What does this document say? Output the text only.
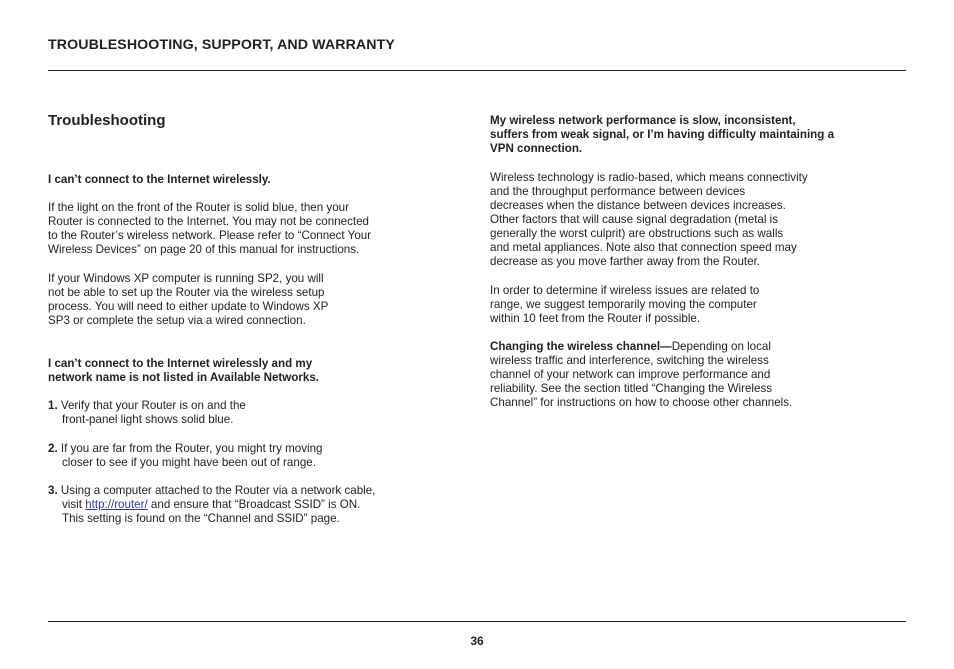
TROUBLESHOOTING, SUPPORT, AND WARRANTY
Troubleshooting
I can’t connect to the Internet wirelessly.
If the light on the front of the Router is solid blue, then your
Router is connected to the Internet. You may not be connected
to the Router’s wireless network. Please refer to “Connect Your
Wireless Devices” on page 20 of this manual for instructions.
If your Windows XP computer is running SP2, you will
not be able to set up the Router via the wireless setup
process. You will need to either update to Windows XP
SP3 or complete the setup via a wired connection.
I can’t connect to the Internet wirelessly and my
network name is not listed in Available Networks.
1. Verify that your Router is on and the
front-panel light shows solid blue.
2. If you are far from the Router, you might try moving
closer to see if you might have been out of range.
3. Using a computer attached to the Router via a network cable,
visit http://router/ and ensure that “Broadcast SSID” is ON.
This setting is found on the “Channel and SSID” page.
My wireless network performance is slow, inconsistent,
suffers from weak signal, or I’m having difficulty maintaining a
VPN connection.
Wireless technology is radio-based, which means connectivity
and the throughput performance between devices
decreases when the distance between devices increases.
Other factors that will cause signal degradation (metal is
generally the worst culprit) are obstructions such as walls
and metal appliances. Note also that connection speed may
decrease as you move farther away from the Router.
In order to determine if wireless issues are related to
range, we suggest temporarily moving the computer
within 10 feet from the Router if possible.
Changing the wireless channel—Depending on local
wireless traffic and interference, switching the wireless
channel of your network can improve performance and
reliability. See the section titled “Changing the Wireless
Channel” for instructions on how to choose other channels.
36
